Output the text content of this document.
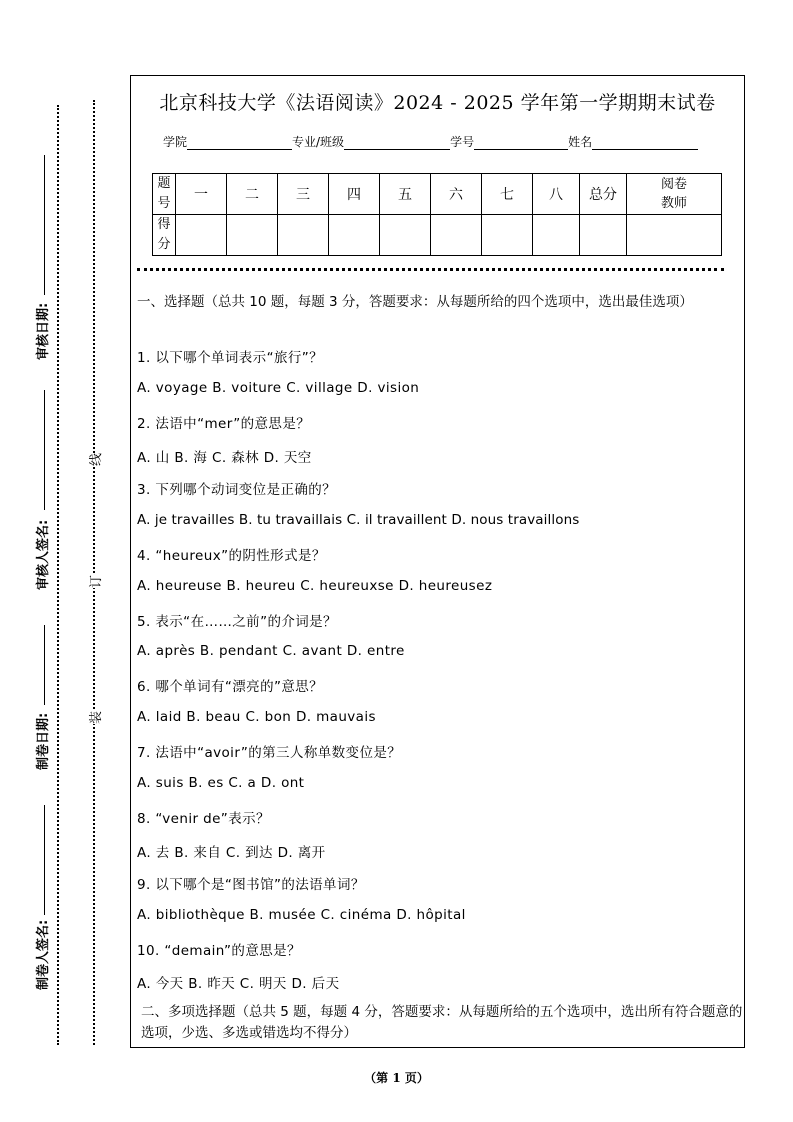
审核日期:
审核人签名:
制卷日期:
制卷人签名:
线
订
装
北京科技大学《法语阅读》2024 - 2025 学年第一学期期末试卷
学院	专业/班级	学号	姓名
题号	一	二	三	四	五	六	七	八	总分	阅卷教师
得分										
一、选择题（总共 10 题，每题 3 分，答题要求：从每题所给的四个选项中，选出最佳选项）
1. 以下哪个单词表示“旅行”？
A. voyage B. voiture C. village D. vision
2. 法语中“mer”的意思是？
A. 山 B. 海 C. 森林 D. 天空
3. 下列哪个动词变位是正确的？
A. je travailles B. tu travaillais C. il travaillent D. nous travaillons
4. “heureux”的阴性形式是？
A. heureuse B. heureu C. heureuxse D. heureusez
5. 表示“在……之前”的介词是？
A. après B. pendant C. avant D. entre
6. 哪个单词有“漂亮的”意思？
A. laid B. beau C. bon D. mauvais
7. 法语中“avoir”的第三人称单数变位是？
A. suis B. es C. a D. ont
8. “venir de”表示？
A. 去 B. 来自 C. 到达 D. 离开
9. 以下哪个是“图书馆”的法语单词？
A. bibliothèque B. musée C. cinéma D. hôpital
10. “demain”的意思是？
A. 今天 B. 昨天 C. 明天 D. 后天
二、多项选择题（总共 5 题，每题 4 分，答题要求：从每题所给的五个选项中，选出所有符合题意的选项，少选、多选或错选均不得分）
（第 1 页）
